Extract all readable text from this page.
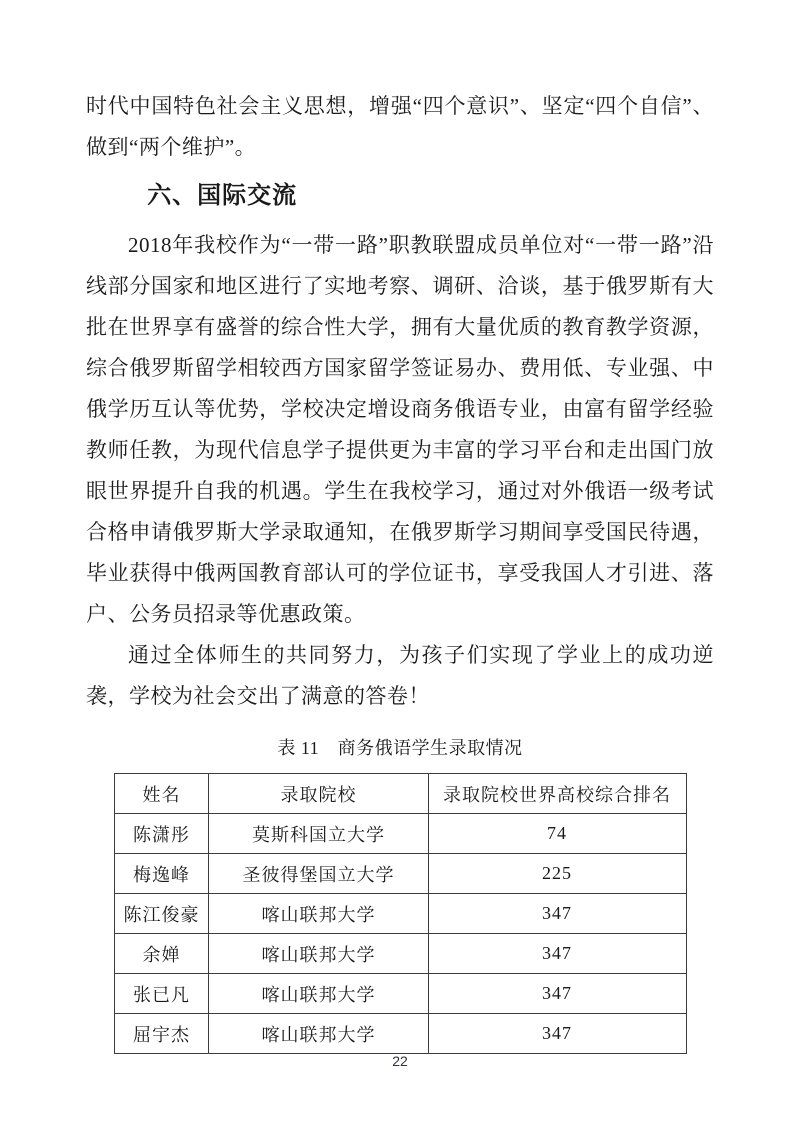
时代中国特色社会主义思想，增强“四个意识”、坚定“四个自信”、做到“两个维护”。

六、国际交流

2018年我校作为“一带一路”职教联盟成员单位对“一带一路”沿线部分国家和地区进行了实地考察、调研、洽谈，基于俄罗斯有大批在世界享有盛誉的综合性大学，拥有大量优质的教育教学资源，综合俄罗斯留学相较西方国家留学签证易办、费用低、专业强、中俄学历互认等优势，学校决定增设商务俄语专业，由富有留学经验教师任教，为现代信息学子提供更为丰富的学习平台和走出国门放眼世界提升自我的机遇。学生在我校学习，通过对外俄语一级考试合格申请俄罗斯大学录取通知，在俄罗斯学习期间享受国民待遇，毕业获得中俄两国教育部认可的学位证书，享受我国人才引进、落户、公务员招录等优惠政策。

通过全体师生的共同努力，为孩子们实现了学业上的成功逆袭，学校为社会交出了满意的答卷！

表 11　商务俄语学生录取情况
姓名	录取院校	录取院校世界高校综合排名
陈潇彤	莫斯科国立大学	74
梅逸峰	圣彼得堡国立大学	225
陈江俊豪	喀山联邦大学	347
余婵	喀山联邦大学	347
张已凡	喀山联邦大学	347
屈宇杰	喀山联邦大学	347
22
